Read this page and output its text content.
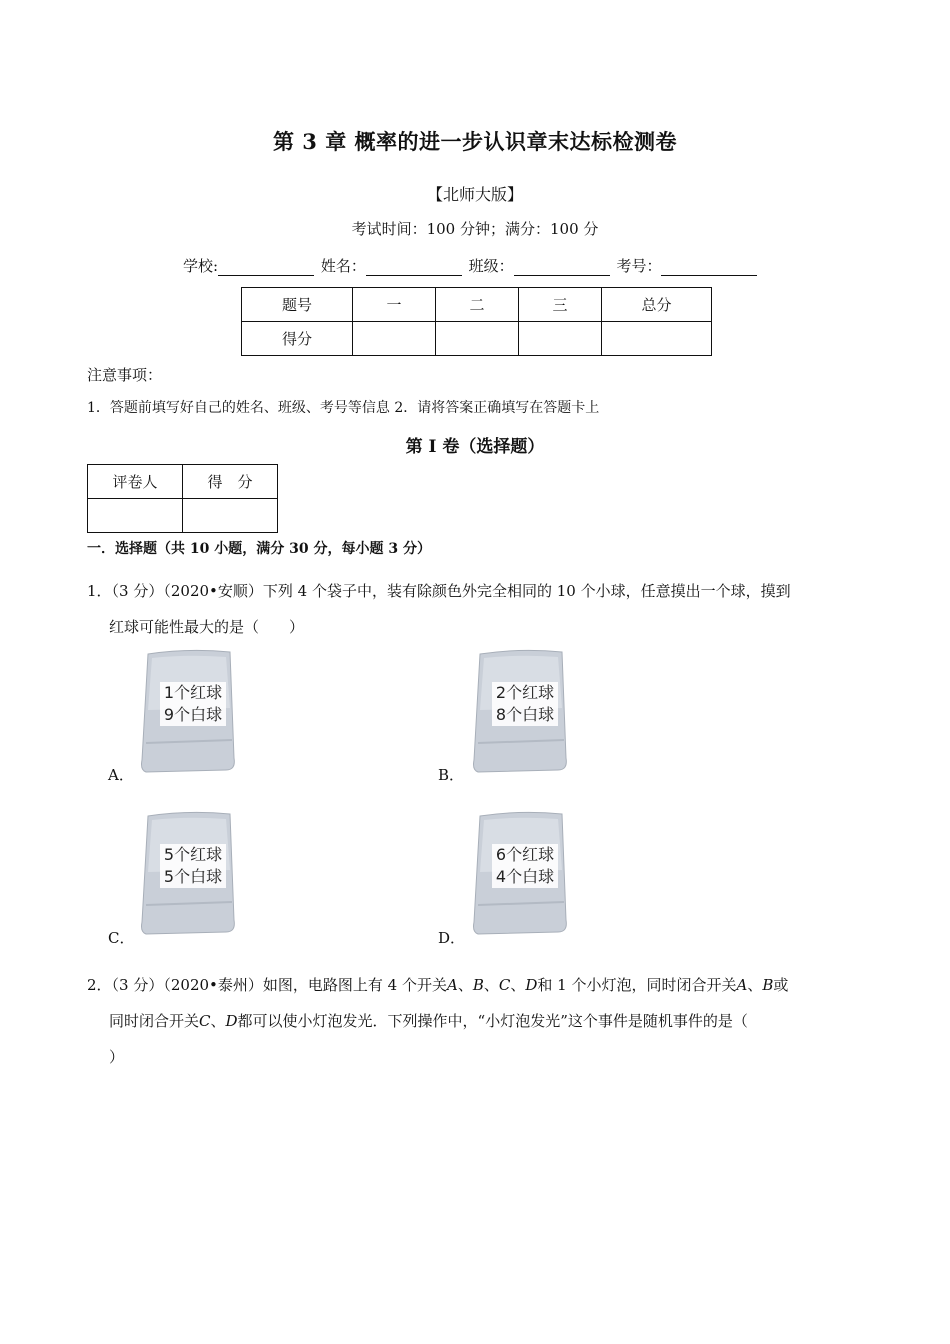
第 3 章 概率的进一步认识章末达标检测卷
【北师大版】
考试时间：100 分钟；满分：100 分
学校:	姓名：	班级：	考号：
题号	一	二	三	总分
得分				
注意事项：
1．答题前填写好自己的姓名、班级、考号等信息 2．请将答案正确填写在答题卡上
第 Ⅰ 卷（选择题）
评卷人	得　分

一．选择题（共 10 小题，满分 30 分，每小题 3 分）
1．（3 分）（2020•安顺）下列 4 个袋子中，装有除颜色外完全相同的 10 个小球，任意摸出一个球，摸到
红球可能性最大的是（　　）
A．
1个红球
9个白球
B．
2个红球
8个白球
C．
5个红球
5个白球
D．
6个红球
4个白球
2．（3 分）（2020•泰州）如图，电路图上有 4 个开关A、B、C、D和 1 个小灯泡，同时闭合开关A、B或
同时闭合开关C、D都可以使小灯泡发光．下列操作中，“小灯泡发光”这个事件是随机事件的是（
）
